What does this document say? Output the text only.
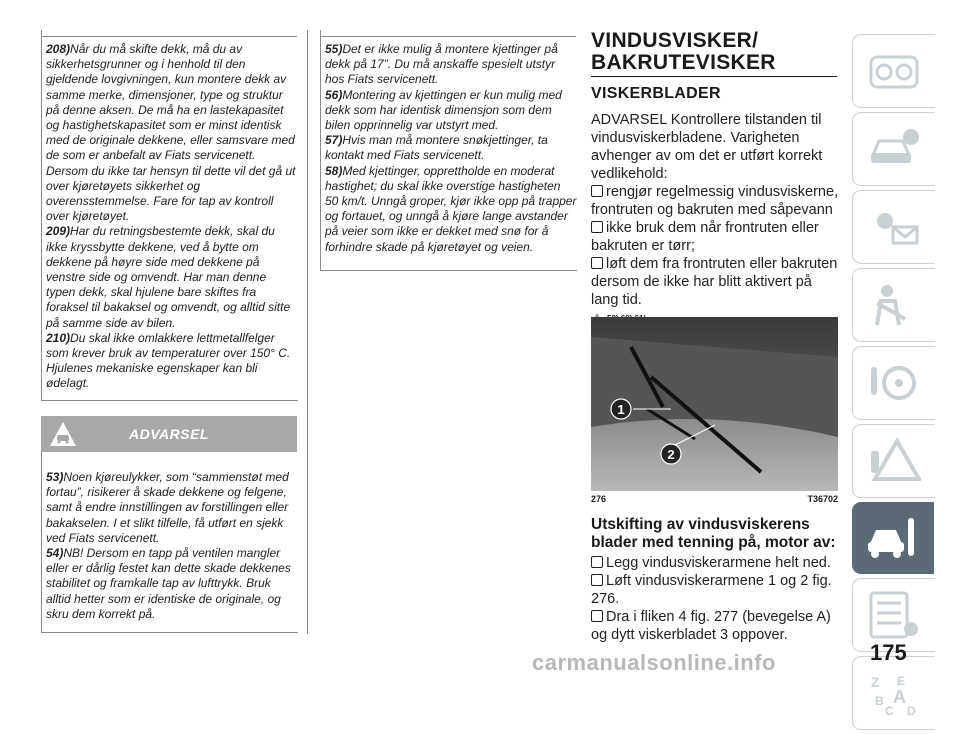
208)Når du må skifte dekk, må du av sikkerhetsgrunner og i henhold til den gjeldende lovgivningen, kun montere dekk av samme merke, dimensjoner, type og struktur på denne aksen. De må ha en lastekapasitet og hastighetskapasitet som er minst identisk med de originale dekkene, eller samsvare med de som er anbefalt av Fiats servicenett. Dersom du ikke tar hensyn til dette vil det gå ut over kjøretøyets sikkerhet og overensstemmelse. Fare for tap av kontroll over kjøretøyet.

209)Har du retningsbestemte dekk, skal du ikke kryssbytte dekkene, ved å bytte om dekkene på høyre side med dekkene på venstre side og omvendt. Har man denne typen dekk, skal hjulene bare skiftes fra foraksel til bakaksel og omvendt, og alltid sitte på samme side av bilen.

210)Du skal ikke omlakkere lettmetallfelger som krever bruk av temperaturer over 150° C. Hjulenes mekaniske egenskaper kan bli ødelagt.

ADVARSEL

53)Noen kjøreulykker, som “sammenstøt med fortau”, risikerer å skade dekkene og felgene, samt å endre innstillingen av forstillingen eller bakakselen. I et slikt tilfelle, få utført en sjekk ved Fiats servicenett.

54)NB! Dersom en tapp på ventilen mangler eller er dårlig festet kan dette skade dekkenes stabilitet og framkalle tap av lufttrykk. Bruk alltid hetter som er identiske de originale, og skru dem korrekt på.

55)Det er ikke mulig å montere kjettinger på dekk på 17”. Du må anskaffe spesielt utstyr hos Fiats servicenett.

56)Montering av kjettingen er kun mulig med dekk som har identisk dimensjon som dem bilen opprinnelig var utstyrt med.

57)Hvis man må montere snøkjettinger, ta kontakt med Fiats servicenett.

58)Med kjettinger, opprettholde en moderat hastighet; du skal ikke overstige hastigheten 50 km/t. Unngå groper, kjør ikke opp på trapper og fortauet, og unngå å kjøre lange avstander på veier som ikke er dekket med snø for å forhindre skade på kjøretøyet og veien.

VINDUSVISKER/
BAKRUTEVISKER
VISKERBLADER

ADVARSEL Kontrollere tilstanden til vindusviskerbladene. Varigheten avhenger av om det er utført korrekt vedlikehold:

rengjør regelmessig vindusviskerne, frontruten og bakruten med såpevann

ikke bruk dem når frontruten eller bakruten er tørr;

løft dem fra frontruten eller bakruten dersom de ikke har blitt aktivert på lang tid.

1
2
276	T36702
Utskifting av vindusviskerens blader med tenning på, motor av:

Legg vindusviskerarmene helt ned.

Løft vindusviskerarmene 1 og 2 fig. 276.

Dra i fliken 4 fig. 277 (bevegelse A) og dytt viskerbladet 3 oppover.

Z E
B A
C D
carmanualsonline.info	175
